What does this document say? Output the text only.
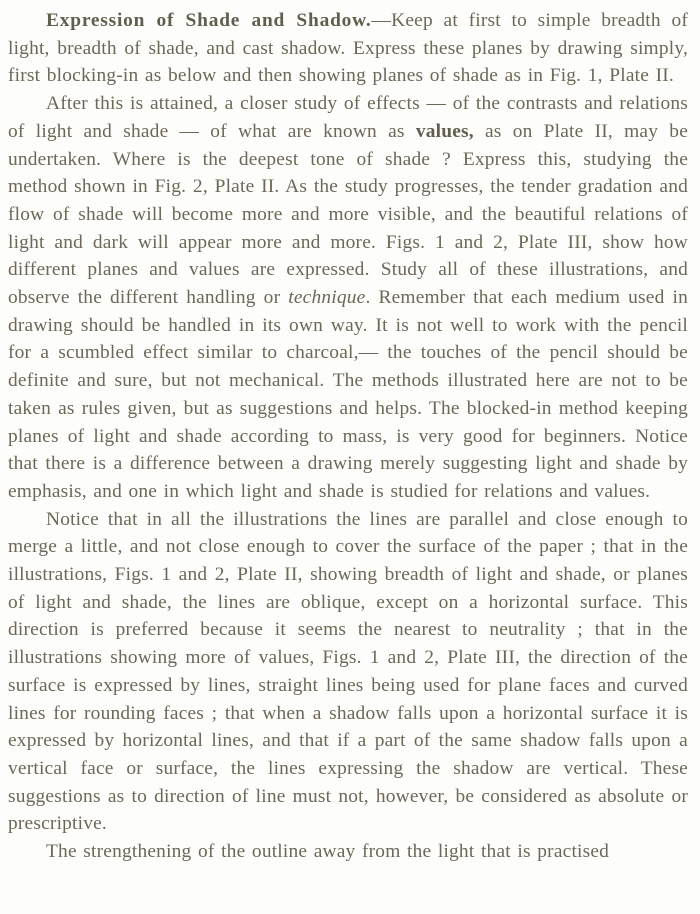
Expression of Shade and Shadow.—Keep at first to simple breadth of light, breadth of shade, and cast shadow. Express these planes by drawing simply, first blocking-in as below and then showing planes of shade as in Fig. 1, Plate II.

After this is attained, a closer study of effects — of the contrasts and relations of light and shade — of what are known as values, as on Plate II, may be undertaken. Where is the deepest tone of shade ? Express this, studying the method shown in Fig. 2, Plate II. As the study progresses, the tender gradation and flow of shade will become more and more visible, and the beautiful relations of light and dark will appear more and more. Figs. 1 and 2, Plate III, show how different planes and values are expressed. Study all of these illustrations, and observe the different handling or technique. Remember that each medium used in drawing should be handled in its own way. It is not well to work with the pencil for a scumbled effect similar to charcoal,— the touches of the pencil should be definite and sure, but not mechanical. The methods illustrated here are not to be taken as rules given, but as suggestions and helps. The blocked-in method keeping planes of light and shade according to mass, is very good for beginners. Notice that there is a difference between a drawing merely suggesting light and shade by emphasis, and one in which light and shade is studied for relations and values.

Notice that in all the illustrations the lines are parallel and close enough to merge a little, and not close enough to cover the surface of the paper ; that in the illustrations, Figs. 1 and 2, Plate II, showing breadth of light and shade, or planes of light and shade, the lines are oblique, except on a horizontal surface. This direction is preferred because it seems the nearest to neutrality ; that in the illustrations showing more of values, Figs. 1 and 2, Plate III, the direction of the surface is expressed by lines, straight lines being used for plane faces and curved lines for rounding faces ; that when a shadow falls upon a horizontal surface it is expressed by horizontal lines, and that if a part of the same shadow falls upon a vertical face or surface, the lines expressing the shadow are vertical. These suggestions as to direction of line must not, however, be considered as absolute or prescriptive.

The strengthening of the outline away from the light that is practised
